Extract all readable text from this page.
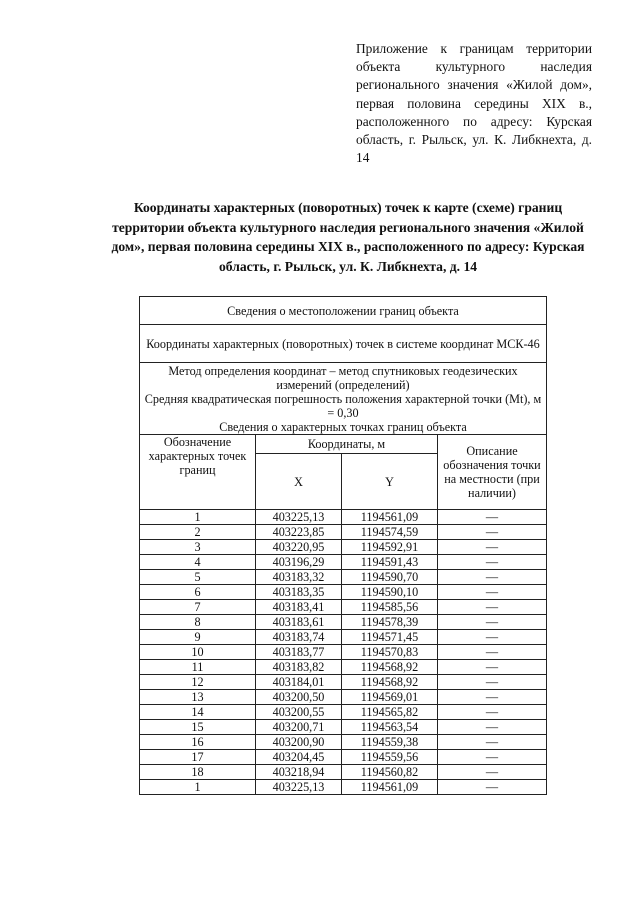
Приложение к границам территории объекта культурного наследия регионального значения «Жилой дом», первая половина середины XIX в., расположенного по адресу: Курская область, г. Рыльск, ул. К. Либкнехта, д. 14
Координаты характерных (поворотных) точек к карте (схеме) границ территории объекта культурного наследия регионального значения «Жилой дом», первая половина середины XIX в., расположенного по адресу: Курская область, г. Рыльск, ул. К. Либкнехта, д. 14
Сведения о местоположении границ объекта			
Координаты характерных (поворотных) точек в системе координат МСК-46			

Метод определения координат – метод спутниковых геодезических измерений (определений)
Средняя квадратическая погрешность положения характерной точки (Mt), м = 0,30
Сведения о характерных точках границ объекта			

Обозначение характерных точек границ	Координаты, м		Описание обозначения точки на местности (при наличии)
	X	Y	
1	403225,13	1194561,09	—
2	403223,85	1194574,59	—
3	403220,95	1194592,91	—
4	403196,29	1194591,43	—
5	403183,32	1194590,70	—
6	403183,35	1194590,10	—
7	403183,41	1194585,56	—
8	403183,61	1194578,39	—
9	403183,74	1194571,45	—
10	403183,77	1194570,83	—
11	403183,82	1194568,92	—
12	403184,01	1194568,92	—
13	403200,50	1194569,01	—
14	403200,55	1194565,82	—
15	403200,71	1194563,54	—
16	403200,90	1194559,38	—
17	403204,45	1194559,56	—
18	403218,94	1194560,82	—
1	403225,13	1194561,09	—
